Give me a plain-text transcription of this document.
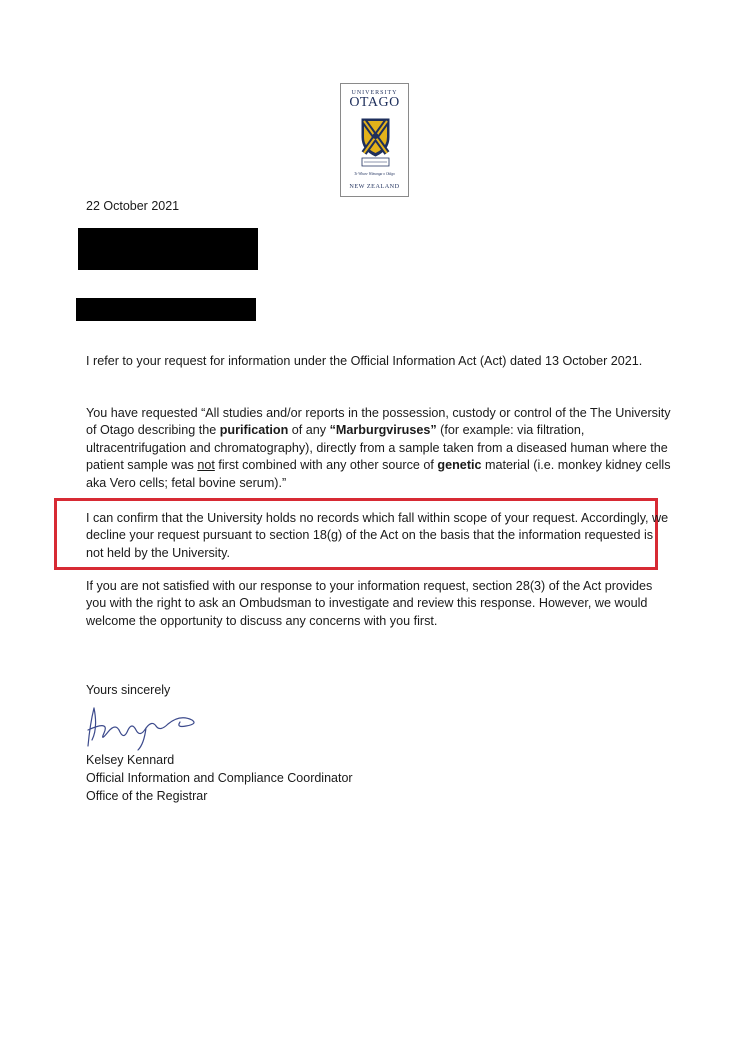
UNIVERSITY
OTAGO
Te Whare Wānanga o Otāgo
NEW ZEALAND
22 October 2021
I refer to your request for information under the Official Information Act (Act) dated 13 October 2021.
You have requested “All studies and/or reports in the possession, custody or control of the The University of Otago describing the purification of any “Marburgviruses” (for example: via filtration, ultracentrifugation and chromatography), directly from a sample taken from a diseased human where the patient sample was not first combined with any other source of genetic material (i.e. monkey kidney cells aka Vero cells; fetal bovine serum).”
I can confirm that the University holds no records which fall within scope of your request. Accordingly, we decline your request pursuant to section 18(g) of the Act on the basis that the information requested is not held by the University.
If you are not satisfied with our response to your information request, section 28(3) of the Act provides you with the right to ask an Ombudsman to investigate and review this response. However, we would welcome the opportunity to discuss any concerns with you first.
Yours sincerely
Kelsey Kennard
Official Information and Compliance Coordinator
Office of the Registrar
